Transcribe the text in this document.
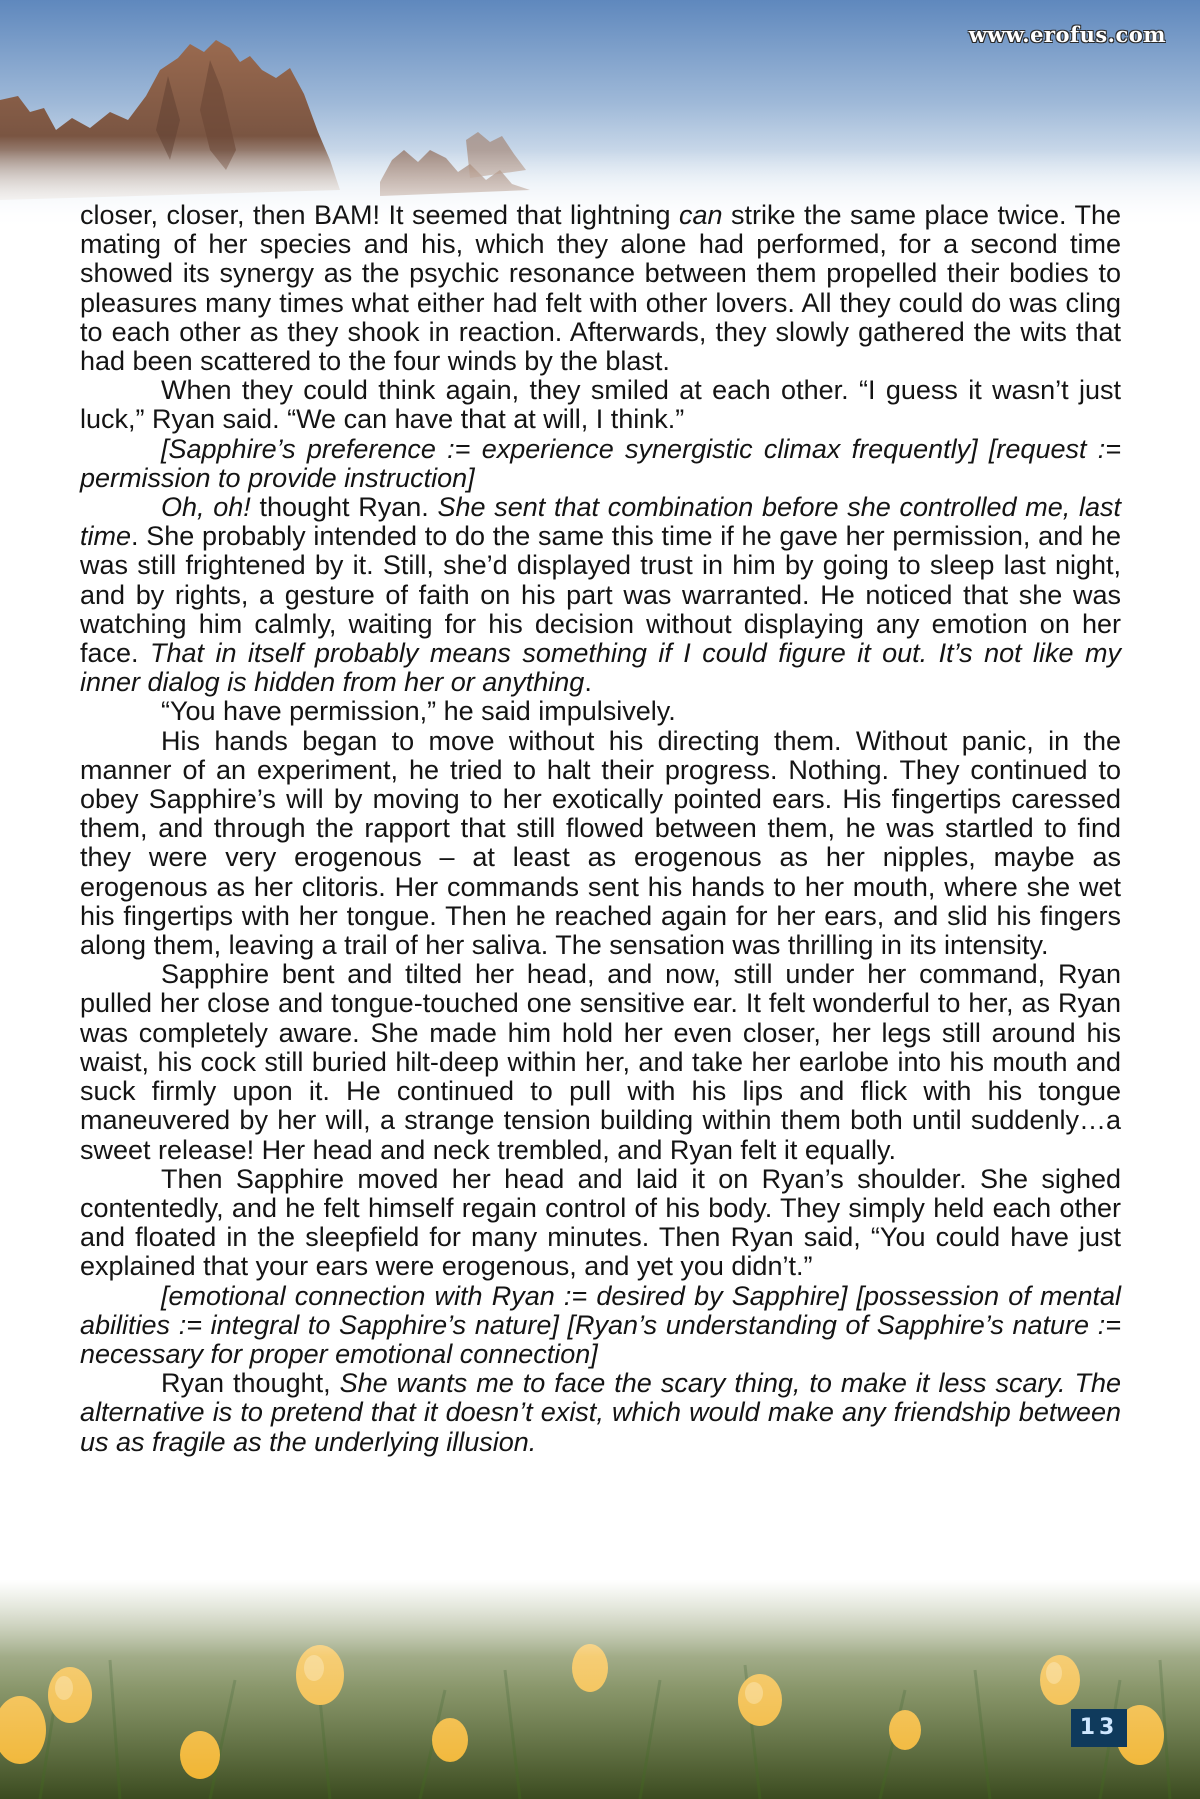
www.erofus.com

closer, closer, then BAM! It seemed that lightning can strike the same place twice. The mating of her species and his, which they alone had performed, for a second time showed its synergy as the psychic resonance between them propelled their bodies to pleasures many times what either had felt with other lovers. All they could do was cling to each other as they shook in reaction. Afterwards, they slowly gathered the wits that had been scattered to the four winds by the blast.

When they could think again, they smiled at each other. “I guess it wasn’t just luck,” Ryan said. “We can have that at will, I think.”

[Sapphire’s preference := experience synergistic climax frequently] [request := permission to provide instruction]

Oh, oh! thought Ryan. She sent that combination before she controlled me, last time. She probably intended to do the same this time if he gave her permission, and he was still frightened by it. Still, she’d displayed trust in him by going to sleep last night, and by rights, a gesture of faith on his part was warranted. He noticed that she was watching him calmly, waiting for his decision without displaying any emotion on her face. That in itself probably means something if I could figure it out. It’s not like my inner dialog is hidden from her or anything.

“You have permission,” he said impulsively.

His hands began to move without his directing them. Without panic, in the manner of an experiment, he tried to halt their progress. Nothing. They continued to obey Sapphire’s will by moving to her exotically pointed ears. His fingertips caressed them, and through the rapport that still flowed between them, he was startled to find they were very erogenous – at least as erogenous as her nipples, maybe as erogenous as her clitoris. Her commands sent his hands to her mouth, where she wet his fingertips with her tongue. Then he reached again for her ears, and slid his fingers along them, leaving a trail of her saliva. The sensation was thrilling in its intensity.

Sapphire bent and tilted her head, and now, still under her command, Ryan pulled her close and tongue-touched one sensitive ear. It felt wonderful to her, as Ryan was completely aware. She made him hold her even closer, her legs still around his waist, his cock still buried hilt-deep within her, and take her earlobe into his mouth and suck firmly upon it. He continued to pull with his lips and flick with his tongue maneuvered by her will, a strange tension building within them both until suddenly…a sweet release! Her head and neck trembled, and Ryan felt it equally.

Then Sapphire moved her head and laid it on Ryan’s shoulder. She sighed contentedly, and he felt himself regain control of his body. They simply held each other and floated in the sleepfield for many minutes. Then Ryan said, “You could have just explained that your ears were erogenous, and yet you didn’t.”

[emotional connection with Ryan := desired by Sapphire] [possession of mental abilities := integral to Sapphire’s nature] [Ryan’s understanding of Sapphire’s nature := necessary for proper emotional connection]

Ryan thought, She wants me to face the scary thing, to make it less scary. The alternative is to pretend that it doesn’t exist, which would make any friendship between us as fragile as the underlying illusion.

13
